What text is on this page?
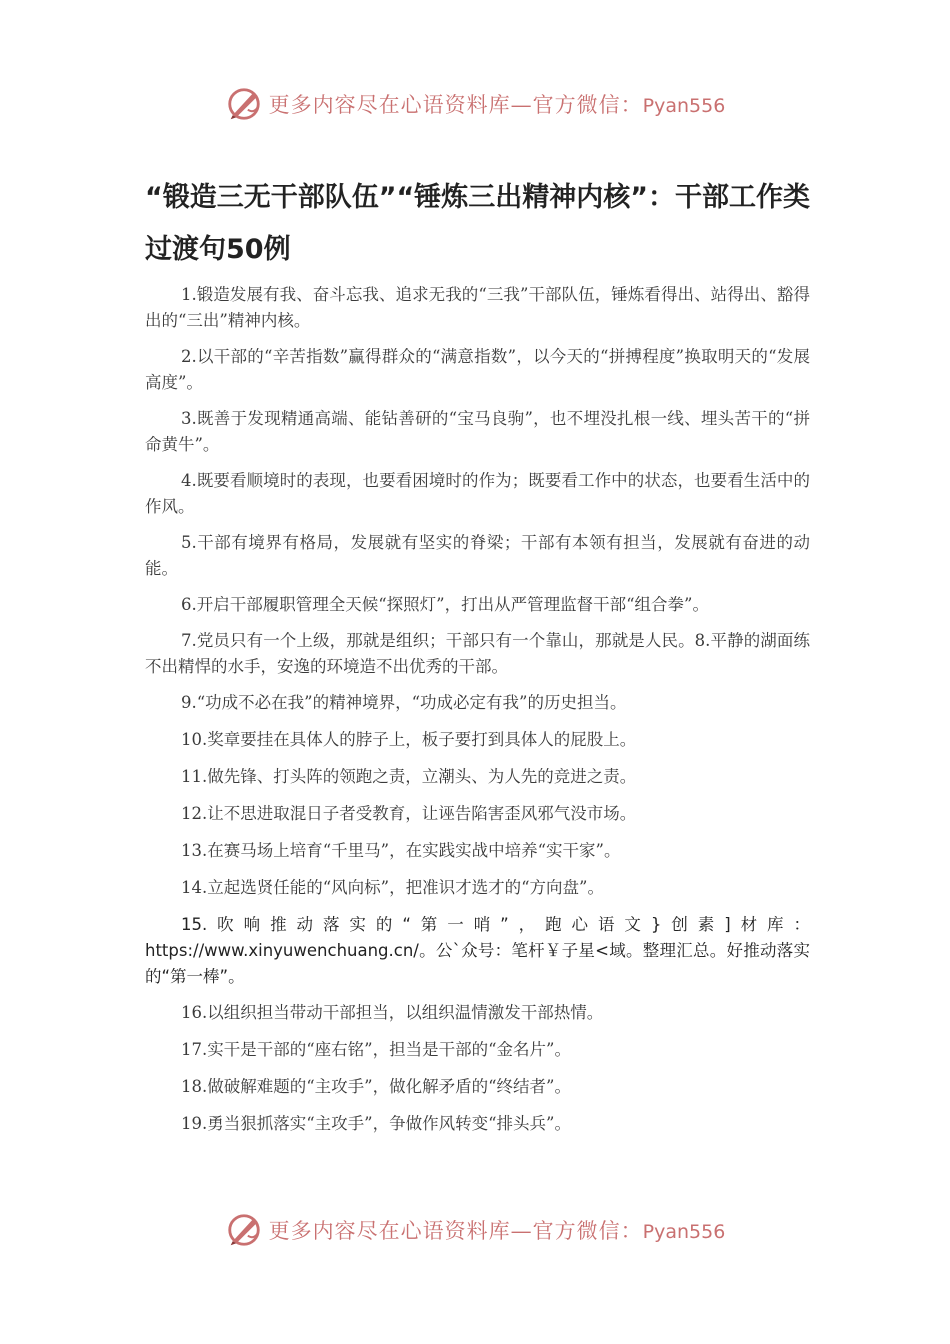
更多内容尽在心语资料库—官方微信：Pyan556
“锻造三无干部队伍”“锤炼三出精神内核”：干部工作类过渡句50例

1.锻造发展有我、奋斗忘我、追求无我的“三我”干部队伍，锤炼看得出、站得出、豁得出的“三出”精神内核。

2.以干部的“辛苦指数”赢得群众的“满意指数”，以今天的“拼搏程度”换取明天的“发展高度”。

3.既善于发现精通高端、能钻善研的“宝马良驹”，也不埋没扎根一线、埋头苦干的“拼命黄牛”。

4.既要看顺境时的表现，也要看困境时的作为；既要看工作中的状态，也要看生活中的作风。

5.干部有境界有格局，发展就有坚实的脊梁；干部有本领有担当，发展就有奋进的动能。

6.开启干部履职管理全天候“探照灯”，打出从严管理监督干部“组合拳”。

7.党员只有一个上级，那就是组织；干部只有一个靠山，那就是人民。8.平静的湖面练不出精悍的水手，安逸的环境造不出优秀的干部。

9.“功成不必在我”的精神境界，“功成必定有我”的历史担当。

10.奖章要挂在具体人的脖子上，板子要打到具体人的屁股上。

11.做先锋、打头阵的领跑之责，立潮头、为人先的竞进之责。

12.让不思进取混日子者受教育，让诬告陷害歪风邪气没市场。

13.在赛马场上培育“千里马”，在实践实战中培养“实干家”。

14.立起选贤任能的“风向标”，把准识才选才的“方向盘”。

15.吹响推动落实的“第一哨”，跑心语文}创素]材库：https://www.xinyuwenchuang.cn/。公`众号：笔杆￥子星<域。整理汇总。好推动落实的“第一棒”。

16.以组织担当带动干部担当，以组织温情激发干部热情。

17.实干是干部的“座右铭”，担当是干部的“金名片”。

18.做破解难题的“主攻手”，做化解矛盾的“终结者”。

19.勇当狠抓落实“主攻手”，争做作风转变“排头兵”。

更多内容尽在心语资料库—官方微信：Pyan556
